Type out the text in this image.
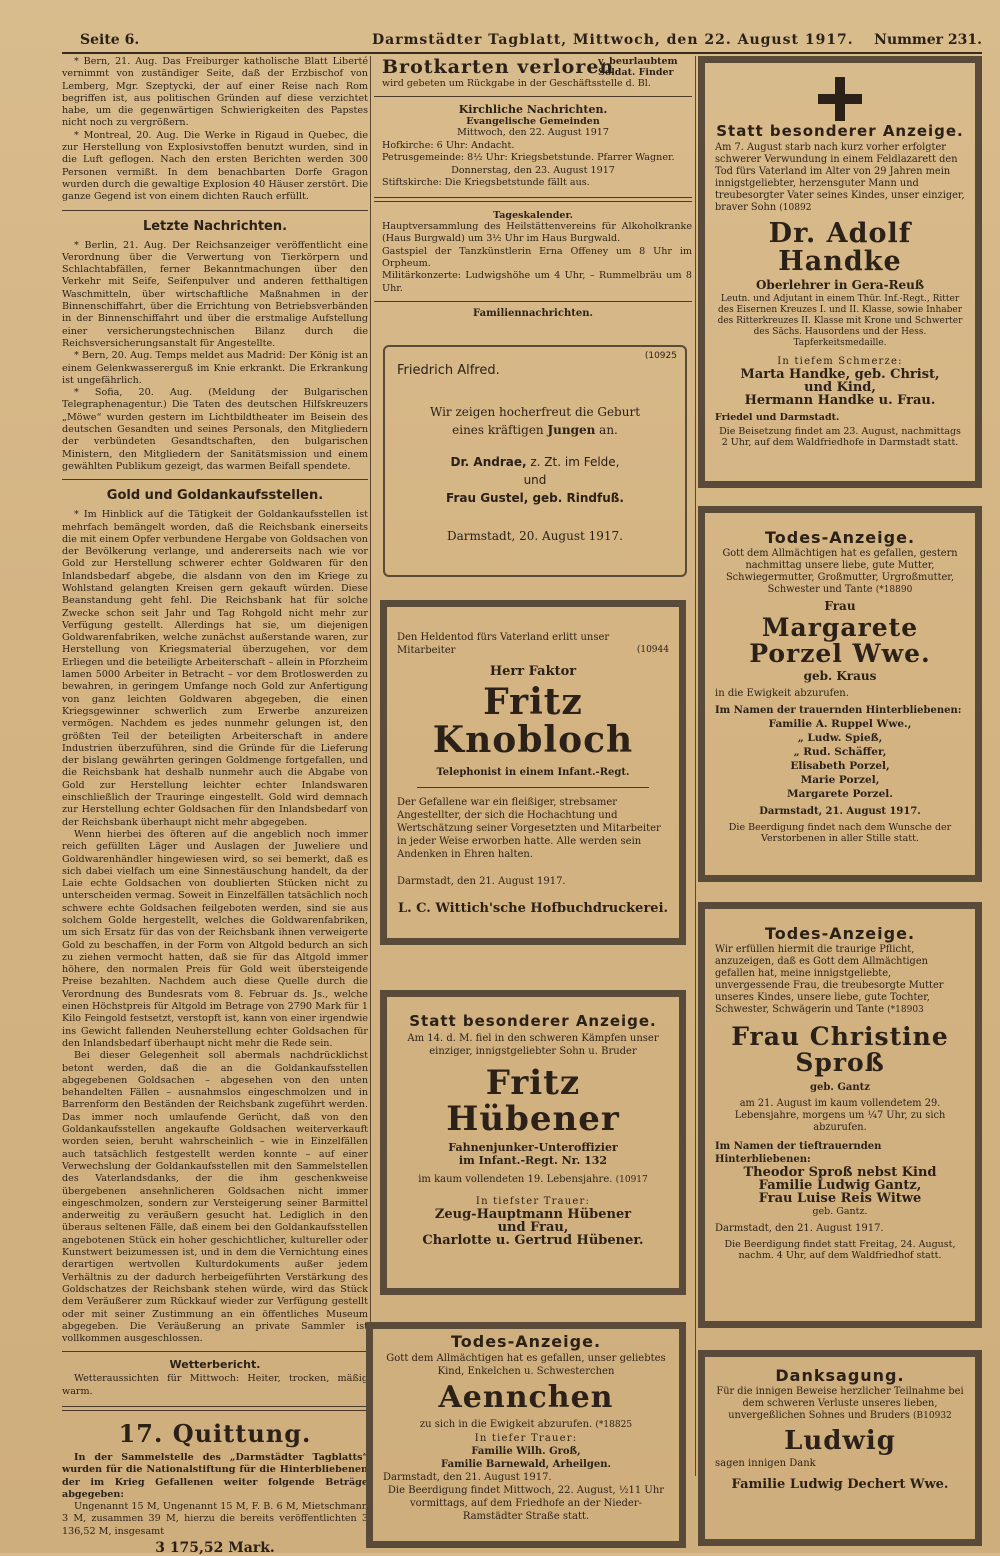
Seite 6.	Darmstädter Tagblatt, Mittwoch, den 22. August 1917. Nummer 231.

* Bern, 21. Aug. Das Freiburger katholische Blatt Liberté vernimmt von zuständiger Seite, daß der Erzbischof von Lemberg, Mgr. Szeptycki, der auf einer Reise nach Rom begriffen ist, aus politischen Gründen auf diese verzichtet habe, um die gegenwärtigen Schwierigkeiten des Papstes nicht noch zu vergrößern.

* Montreal, 20. Aug. Die Werke in Rigaud in Quebec, die zur Herstellung von Explosivstoffen benutzt wurden, sind in die Luft geflogen. Nach den ersten Berichten werden 300 Personen vermißt. In dem benachbarten Dorfe Gragon wurden durch die gewaltige Explosion 40 Häuser zerstört. Die ganze Gegend ist von einem dichten Rauch erfüllt.

Letzte Nachrichten.

* Berlin, 21. Aug. Der Reichsanzeiger veröffentlicht eine Verordnung über die Verwertung von Tierkörpern und Schlachtabfällen, ferner Bekanntmachungen über den Verkehr mit Seife, Seifenpulver und anderen fetthaltigen Waschmitteln, über wirtschaftliche Maßnahmen in der Binnenschiffahrt, über die Errichtung von Betriebsverbänden in der Binnenschiffahrt und über die erstmalige Aufstellung einer versicherungstechnischen Bilanz durch die Reichsversicherungsanstalt für Angestellte.

* Bern, 20. Aug. Temps meldet aus Madrid: Der König ist an einem Gelenkwassererguß im Knie erkrankt. Die Erkrankung ist ungefährlich.

* Sofia, 20. Aug. (Meldung der Bulgarischen Telegraphenagentur.) Die Taten des deutschen Hilfskreuzers „Möwe“ wurden gestern im Lichtbildtheater im Beisein des deutschen Gesandten und seines Personals, den Mitgliedern der verbündeten Gesandtschaften, den bulgarischen Ministern, den Mitgliedern der Sanitätsmission und einem gewählten Publikum gezeigt, das warmen Beifall spendete.

Gold und Goldankaufsstellen.

* Im Hinblick auf die Tätigkeit der Goldankaufsstellen ist mehrfach bemängelt worden, daß die Reichsbank einerseits die mit einem Opfer verbundene Hergabe von Goldsachen von der Bevölkerung verlange, und andererseits nach wie vor Gold zur Herstellung schwerer echter Goldwaren für den Inlandsbedarf abgebe, die alsdann von den im Kriege zu Wohlstand gelangten Kreisen gern gekauft würden. Diese Beanstandung geht fehl. Die Reichsbank hat für solche Zwecke schon seit Jahr und Tag Rohgold nicht mehr zur Verfügung gestellt. Allerdings hat sie, um diejenigen Goldwarenfabriken, welche zunächst außerstande waren, zur Herstellung von Kriegsmaterial überzugehen, vor dem Erliegen und die beteiligte Arbeiterschaft – allein in Pforzheim lamen 5000 Arbeiter in Betracht – vor dem Brotloswerden zu bewahren, in geringem Umfange noch Gold zur Anfertigung von ganz leichten Goldwaren abgegeben, die einen Kriegsgewinner schwerlich zum Erwerbe anzureizen vermögen. Nachdem es jedes nunmehr gelungen ist, den größten Teil der beteiligten Arbeiterschaft in andere Industrien überzuführen, sind die Gründe für die Lieferung der bislang gewährten geringen Goldmenge fortgefallen, und die Reichsbank hat deshalb nunmehr auch die Abgabe von Gold zur Herstellung leichter echter Inlandswaren einschließlich der Trauringe eingestellt. Gold wird demnach zur Herstellung echter Goldsachen für den Inlandsbedarf von der Reichsbank überhaupt nicht mehr abgegeben.

Wenn hierbei des öfteren auf die angeblich noch immer reich gefüllten Läger und Auslagen der Juweliere und Goldwarenhändler hingewiesen wird, so sei bemerkt, daß es sich dabei vielfach um eine Sinnestäuschung handelt, da der Laie echte Goldsachen von doublierten Stücken nicht zu unterscheiden vermag. Soweit in Einzelfällen tatsächlich noch schwere echte Goldsachen feilgeboten werden, sind sie aus solchem Golde hergestellt, welches die Goldwarenfabriken, um sich Ersatz für das von der Reichsbank ihnen verweigerte Gold zu beschaffen, in der Form von Altgold bedurch an sich zu ziehen vermocht hatten, daß sie für das Altgold immer höhere, den normalen Preis für Gold weit übersteigende Preise bezahlten. Nachdem auch diese Quelle durch die Verordnung des Bundesrats vom 8. Februar ds. Js., welche einen Höchstpreis für Altgold im Betrage von 2790 Mark für 1 Kilo Feingold festsetzt, verstopft ist, kann von einer irgendwie ins Gewicht fallenden Neuherstellung echter Goldsachen für den Inlandsbedarf überhaupt nicht mehr die Rede sein.

Bei dieser Gelegenheit soll abermals nachdrücklichst betont werden, daß die an die Goldankaufsstellen abgegebenen Goldsachen – abgesehen von den unten behandelten Fällen – ausnahmslos eingeschmolzen und in Barrenform den Beständen der Reichsbank zugeführt werden. Das immer noch umlaufende Gerücht, daß von den Goldankaufsstellen angekaufte Goldsachen weiterverkauft worden seien, beruht wahrscheinlich – wie in Einzelfällen auch tatsächlich festgestellt werden konnte – auf einer Verwechslung der Goldankaufsstellen mit den Sammelstellen des Vaterlandsdanks, der die ihm geschenkweise übergebenen ansehnlicheren Goldsachen nicht immer eingeschmolzen, sondern zur Versteigerung seiner Barmittel anderweitig zu veräußern gesucht hat. Lediglich in den überaus seltenen Fälle, daß einem bei den Goldankaufsstellen angebotenen Stück ein hoher geschichtlicher, kultureller oder Kunstwert beizumessen ist, und in dem die Vernichtung eines derartigen wertvollen Kulturdokuments außer jedem Verhältnis zu der dadurch herbeigeführten Verstärkung des Goldschatzes der Reichsbank stehen würde, wird das Stück dem Veräußerer zum Rückkauf wieder zur Verfügung gestellt oder mit seiner Zustimmung an ein öffentliches Museum abgegeben. Die Veräußerung an private Sammler ist vollkommen ausgeschlossen.

Wetterbericht.

Wetteraussichten für Mittwoch: Heiter, trocken, mäßig warm.

17. Quittung.

In der Sammelstelle des „Darmstädter Tagblatts“ wurden für die Nationalstiftung für die Hinterbliebenen der im Krieg Gefallenen weiter folgende Beträge abgegeben:

Ungenannt 15 M, Ungenannt 15 M, F. B. 6 M, Mietschmann 3 M, zusammen 39 M, hierzu die bereits veröffentlichten 3 136,52 M, insgesamt

3 175,52 Mark.
Brotkarten verloren
v. beurlaubtem Soldat. Finder
wird gebeten um Rückgabe in der Geschäftsstelle d. Bl.
Kirchliche Nachrichten.
Evangelische Gemeinden
Mittwoch, den 22. August 1917

Hofkirche: 6 Uhr: Andacht.

Petrusgemeinde: 8½ Uhr: Kriegsbetstunde. Pfarrer Wagner.

Donnerstag, den 23. August 1917

Stiftskirche: Die Kriegsbetstunde fällt aus.

Tageskalender.

Hauptversammlung des Heilstättenvereins für Alkoholkranke (Haus Burgwald) um 3½ Uhr im Haus Burgwald.

Gastspiel der Tanzkünstlerin Erna Offeney um 8 Uhr im Orpheum.

Militärkonzerte: Ludwigshöhe um 4 Uhr, – Rummelbräu um 8 Uhr.

Familiennachrichten.
(10925
Friedrich Alfred.
Wir zeigen hocherfreut die Geburt
eines kräftigen Jungen an.
Dr. Andrae, z. Zt. im Felde,
und
Frau Gustel, geb. Rindfuß.
Darmstadt, 20. August 1917.
Den Heldentod fürs Vaterland erlitt unser Mitarbeiter	(10944
Herr Faktor
Fritz Knobloch
Telephonist in einem Infant.-Regt.
Der Gefallene war ein fleißiger, strebsamer Angestellter, der sich die Hochachtung und Wertschätzung seiner Vorgesetzten und Mitarbeiter in jeder Weise erworben hatte. Alle werden sein Andenken in Ehren halten.
Darmstadt, den 21. August 1917.
L. C. Wittich'sche Hofbuchdruckerei.
Statt besonderer Anzeige.
Am 14. d. M. fiel in den schweren Kämpfen unser einziger, innigstgeliebter Sohn u. Bruder
Fritz Hübener
Fahnenjunker-Unteroffizier
im Infant.-Regt. Nr. 132
im kaum vollendeten 19. Lebensjahre. (10917
In tiefster Trauer:
Zeug-Hauptmann Hübener
und Frau,
Charlotte u. Gertrud Hübener.
Todes-Anzeige.
Gott dem Allmächtigen hat es gefallen, unser geliebtes Kind, Enkelchen u. Schwesterchen
Aennchen
zu sich in die Ewigkeit abzurufen. (*18825
In tiefer Trauer:
Familie Wilh. Groß,
Familie Barnewald, Arheilgen.
Darmstadt, den 21. August 1917.
Die Beerdigung findet Mittwoch, 22. August, ½11 Uhr vormittags, auf dem Friedhofe an der Nieder-Ramstädter Straße statt.
Statt besonderer Anzeige.
Am 7. August starb nach kurz vorher erfolgter schwerer Verwundung in einem Feldlazarett den Tod fürs Vaterland im Alter von 29 Jahren mein innigstgeliebter, herzensguter Mann und treubesorgter Vater seines Kindes, unser einziger, braver Sohn (10892
Dr. Adolf Handke
Oberlehrer in Gera-Reuß
Leutn. und Adjutant in einem Thür. Inf.-Regt., Ritter des Eisernen Kreuzes I. und II. Klasse, sowie Inhaber des Ritterkreuzes II. Klasse mit Krone und Schwerter des Sächs. Hausordens und der Hess. Tapferkeitsmedaille.
In tiefem Schmerze:
Marta Handke, geb. Christ,
und Kind,
Hermann Handke u. Frau.
Friedel und Darmstadt.
Die Beisetzung findet am 23. August, nachmittags 2 Uhr, auf dem Waldfriedhofe in Darmstadt statt.
Todes-Anzeige.
Gott dem Allmächtigen hat es gefallen, gestern nachmittag unsere liebe, gute Mutter, Schwiegermutter, Großmutter, Urgroßmutter, Schwester und Tante (*18890
Frau
Margarete Porzel Wwe.
geb. Kraus
in die Ewigkeit abzurufen.
Im Namen der trauernden Hinterbliebenen:
Familie A. Ruppel Wwe.,
„ Ludw. Spieß,
„ Rud. Schäffer,
Elisabeth Porzel,
Marie Porzel,
Margarete Porzel.
Darmstadt, 21. August 1917.
Die Beerdigung findet nach dem Wunsche der Verstorbenen in aller Stille statt.
Todes-Anzeige.
Wir erfüllen hiermit die traurige Pflicht, anzuzeigen, daß es Gott dem Allmächtigen gefallen hat, meine innigstgeliebte, unvergessende Frau, die treubesorgte Mutter unseres Kindes, unsere liebe, gute Tochter, Schwester, Schwägerin und Tante (*18903
Frau Christine Sproß
geb. Gantz
am 21. August im kaum vollendetem 29. Lebensjahre, morgens um ¼7 Uhr, zu sich abzurufen.
Im Namen der tieftrauernden Hinterbliebenen:
Theodor Sproß nebst Kind
Familie Ludwig Gantz,
Frau Luise Reis Witwe
geb. Gantz.
Darmstadt, den 21. August 1917.
Die Beerdigung findet statt Freitag, 24. August, nachm. 4 Uhr, auf dem Waldfriedhof statt.
Danksagung.
Für die innigen Beweise herzlicher Teilnahme bei dem schweren Verluste unseres lieben, unvergeßlichen Sohnes und Bruders (B10932
Ludwig
sagen innigen Dank
Familie Ludwig Dechert Wwe.
